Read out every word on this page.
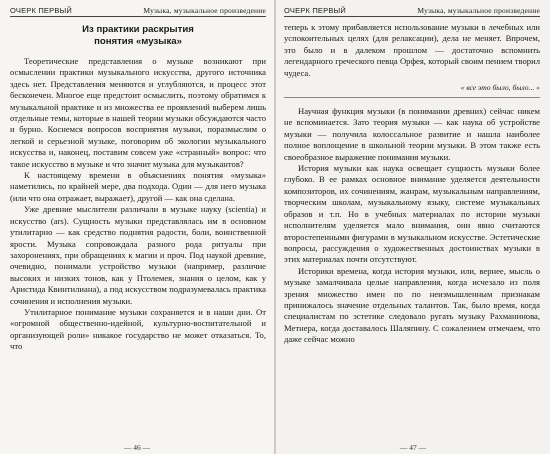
ОЧЕРК ПЕРВЫЙ	Музыка, музыкальное произведение
Из практики раскрытия
понятия «музыка»

Теоретические представления о музыке возникают при осмыслении практики музыкального искусства, другого источника здесь нет. Представления меняются и углубляются, и процесс этот бесконечен. Многое еще предстоит осмыслить, поэтому обратимся к музыкальной практике и из множества ее проявлений выберем лишь отдельные темы, которые в нашей теории музыки обсуждаются часто и бурно. Коснемся вопросов восприятия музыки, поразмыслим о легкой и серьезной музыке, поговорим об экологии музыкального искусства и, наконец, поставим совсем уже «странный» вопрос: что такое искусство в музыке и что значит музыка для музыкантов?

К настоящему времени в объяснениях понятия «музыка» наметились, по крайней мере, два подхода. Один — для него музыка (или что она отражает, выражает), другой — как она сделана.

Уже древние мыслители различали в музыке науку (scientia) и искусство (ars). Сущность музыки представлялась им в основном утилитарно — как средство поднятия радости, боли, воинственной ярости. Музыка сопровождала разного рода ритуалы при захоронениях, при обращениях к магии и проч. Под наукой древние, очевидно, понимали устройство музыки (например, различие высоких и низких тонов, как у Птолемея, знания о целом, как у Аристида Квинтилиана), а под искусством подразумевалась практика сочинения и исполнения музыки.

Утилитарное понимание музыки сохраняется и в наши дни. От «огромной общественно-идейной, культурно-воспитательной и организующей роли» никакое государство не может отказаться. То, что

— 46 —
ОЧЕРК ПЕРВЫЙ	Музыка, музыкальное произведение

теперь к этому прибавляется использование музыки в лечебных или успокоительных целях (для релаксации), дела не меняет. Впрочем, это было и в далеком прошлом — достаточно вспомнить легендарного греческого певца Орфея, который своим пением творил чудеса.

« все это было, было... »

Научная функция музыки (в понимании древних) сейчас никем не вспоминается. Зато теория музыки — как наука об устройстве музыки — получила колоссальное развитие и нашла наиболее полное воплощение в школьной теории музыки. В этом также есть своеобразное выражение понимания музыки.

История музыки как наука освещает сущность музыки более глубоко. В ее рамках основное внимание уделяется деятельности композиторов, их сочинениям, жанрам, музыкальным направлениям, творческим школам, музыкальному языку, системе музыкальных образов и т.п. Но в учебных материалах по истории музыки исполнителям уделяется мало внимания, они явно считаются второстепенными фигурами в музыкальном искусстве. Эстетические вопросы, рассуждения о художественных достоинствах музыки в этих материалах почти отсутствуют.

Историки времена, когда история музыки, или, вернее, мысль о музыке замалчивала целые направления, когда исчезало из поля зрения множество имен по по неизмышленным признакам принижалось значение отдельных талантов. Так, было время, когда специалистам по эстетике следовало ругать музыку Рахманинова, Метнера, когда доставалось Шаляпину. С сожалением отмечаем, что даже сейчас можно

— 47 —
